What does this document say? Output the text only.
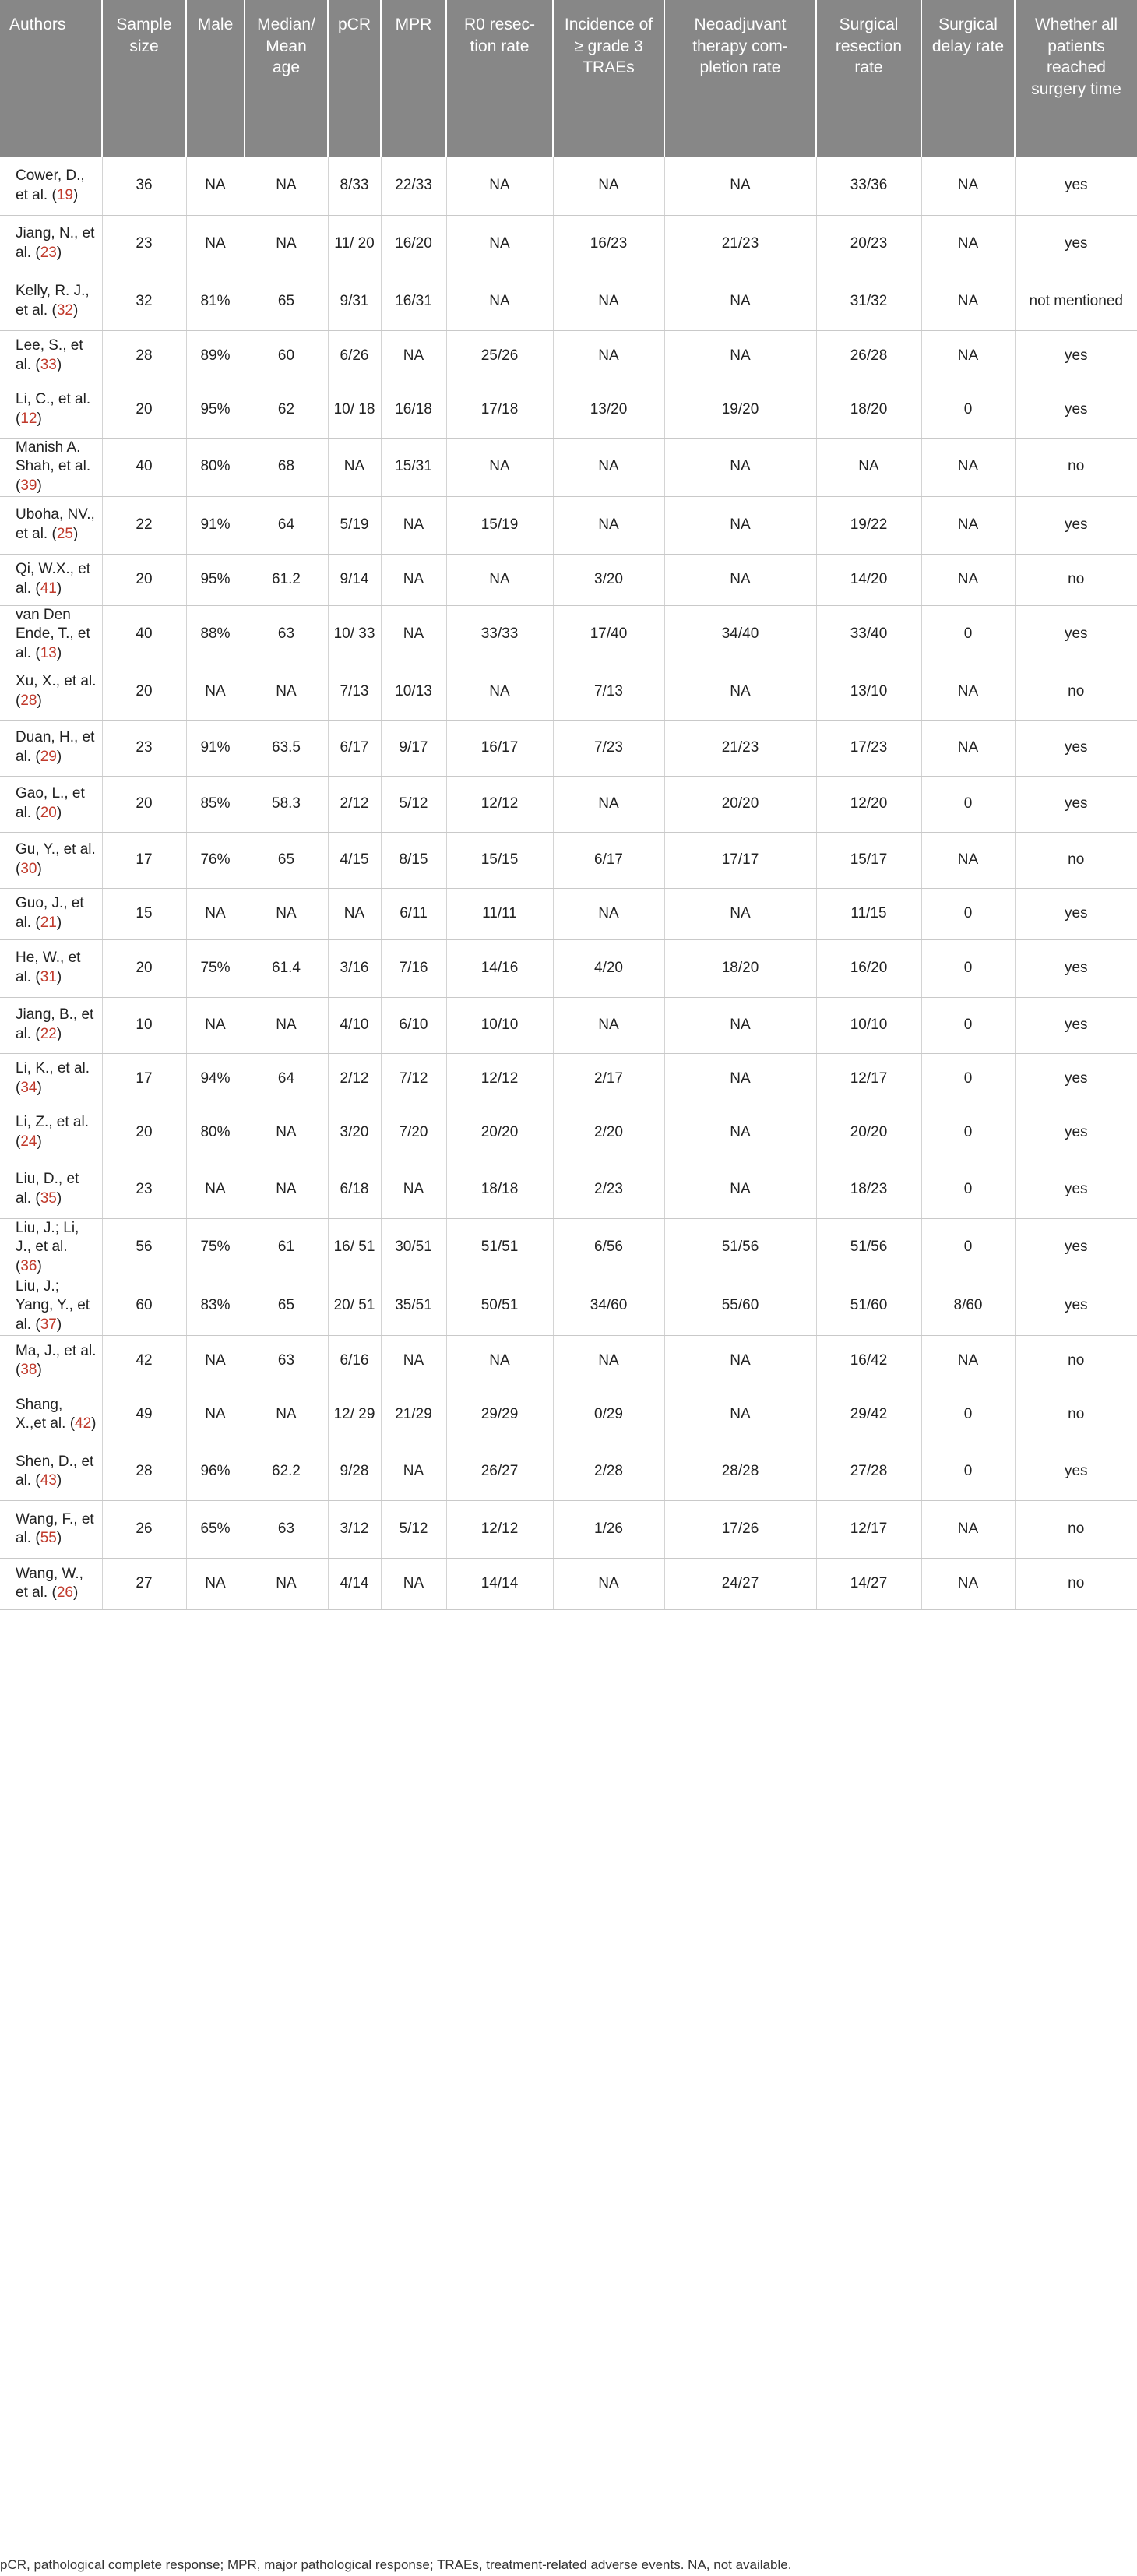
Authors	Sample size	Male	Median/ Mean age	pCR	MPR	R0 resec- tion rate	Incidence of ≥ grade 3 TRAEs	Neoadjuvant therapy com- pletion rate	Surgical resection rate	Surgical delay rate	Whether all patients reached surgery time
Cower, D., et al. (19)	36	NA	NA	8/33	22/33	NA	NA	NA	33/36	NA	yes
Jiang, N., et al. (23)	23	NA	NA	11/ 20	16/20	NA	16/23	21/23	20/23	NA	yes
Kelly, R. J., et al. (32)	32	81%	65	9/31	16/31	NA	NA	NA	31/32	NA	not mentioned
Lee, S., et al. (33)	28	89%	60	6/26	NA	25/26	NA	NA	26/28	NA	yes
Li, C., et al. (12)	20	95%	62	10/ 18	16/18	17/18	13/20	19/20	18/20	0	yes
Manish A. Shah, et al. (39)	40	80%	68	NA	15/31	NA	NA	NA	NA	NA	no
Uboha, NV., et al. (25)	22	91%	64	5/19	NA	15/19	NA	NA	19/22	NA	yes
Qi, W.X., et al. (41)	20	95%	61.2	9/14	NA	NA	3/20	NA	14/20	NA	no
van Den Ende, T., et al. (13)	40	88%	63	10/ 33	NA	33/33	17/40	34/40	33/40	0	yes
Xu, X., et al. (28)	20	NA	NA	7/13	10/13	NA	7/13	NA	13/10	NA	no
Duan, H., et al. (29)	23	91%	63.5	6/17	9/17	16/17	7/23	21/23	17/23	NA	yes
Gao, L., et al. (20)	20	85%	58.3	2/12	5/12	12/12	NA	20/20	12/20	0	yes
Gu, Y., et al. (30)	17	76%	65	4/15	8/15	15/15	6/17	17/17	15/17	NA	no
Guo, J., et al. (21)	15	NA	NA	NA	6/11	11/11	NA	NA	11/15	0	yes
He, W., et al. (31)	20	75%	61.4	3/16	7/16	14/16	4/20	18/20	16/20	0	yes
Jiang, B., et al. (22)	10	NA	NA	4/10	6/10	10/10	NA	NA	10/10	0	yes
Li, K., et al. (34)	17	94%	64	2/12	7/12	12/12	2/17	NA	12/17	0	yes
Li, Z., et al. (24)	20	80%	NA	3/20	7/20	20/20	2/20	NA	20/20	0	yes
Liu, D., et al. (35)	23	NA	NA	6/18	NA	18/18	2/23	NA	18/23	0	yes
Liu, J.; Li, J., et al. (36)	56	75%	61	16/ 51	30/51	51/51	6/56	51/56	51/56	0	yes
Liu, J.; Yang, Y., et al. (37)	60	83%	65	20/ 51	35/51	50/51	34/60	55/60	51/60	8/60	yes
Ma, J., et al. (38)	42	NA	63	6/16	NA	NA	NA	NA	16/42	NA	no
Shang, X.,et al. (42)	49	NA	NA	12/ 29	21/29	29/29	0/29	NA	29/42	0	no
Shen, D., et al. (43)	28	96%	62.2	9/28	NA	26/27	2/28	28/28	27/28	0	yes
Wang, F., et al. (55)	26	65%	63	3/12	5/12	12/12	1/26	17/26	12/17	NA	no
Wang, W., et al. (26)	27	NA	NA	4/14	NA	14/14	NA	24/27	14/27	NA	no
pCR, pathological complete response; MPR, major pathological response; TRAEs, treatment-related adverse events. NA, not available.
